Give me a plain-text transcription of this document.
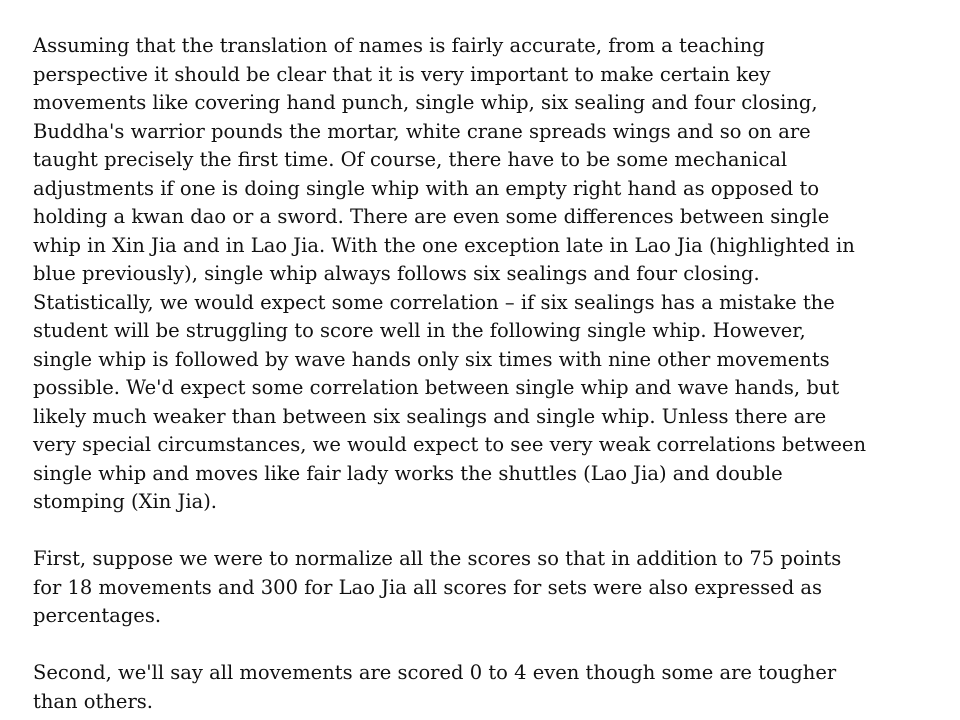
Assuming that the translation of names is fairly accurate, from a teaching
perspective it should be clear that it is very important to make certain key
movements like covering hand punch, single whip, six sealing and four closing,
Buddha's warrior pounds the mortar, white crane spreads wings and so on are
taught precisely the first time. Of course, there have to be some mechanical
adjustments if one is doing single whip with an empty right hand as opposed to
holding a kwan dao or a sword. There are even some differences between single
whip in Xin Jia and in Lao Jia. With the one exception late in Lao Jia (highlighted in
blue previously), single whip always follows six sealings and four closing.
Statistically, we would expect some correlation – if six sealings has a mistake the
student will be struggling to score well in the following single whip. However,
single whip is followed by wave hands only six times with nine other movements
possible. We'd expect some correlation between single whip and wave hands, but
likely much weaker than between six sealings and single whip. Unless there are
very special circumstances, we would expect to see very weak correlations between
single whip and moves like fair lady works the shuttles (Lao Jia) and double
stomping (Xin Jia).

First, suppose we were to normalize all the scores so that in addition to 75 points
for 18 movements and 300 for Lao Jia all scores for sets were also expressed as
percentages.

Second, we'll say all movements are scored 0 to 4 even though some are tougher
than others.
